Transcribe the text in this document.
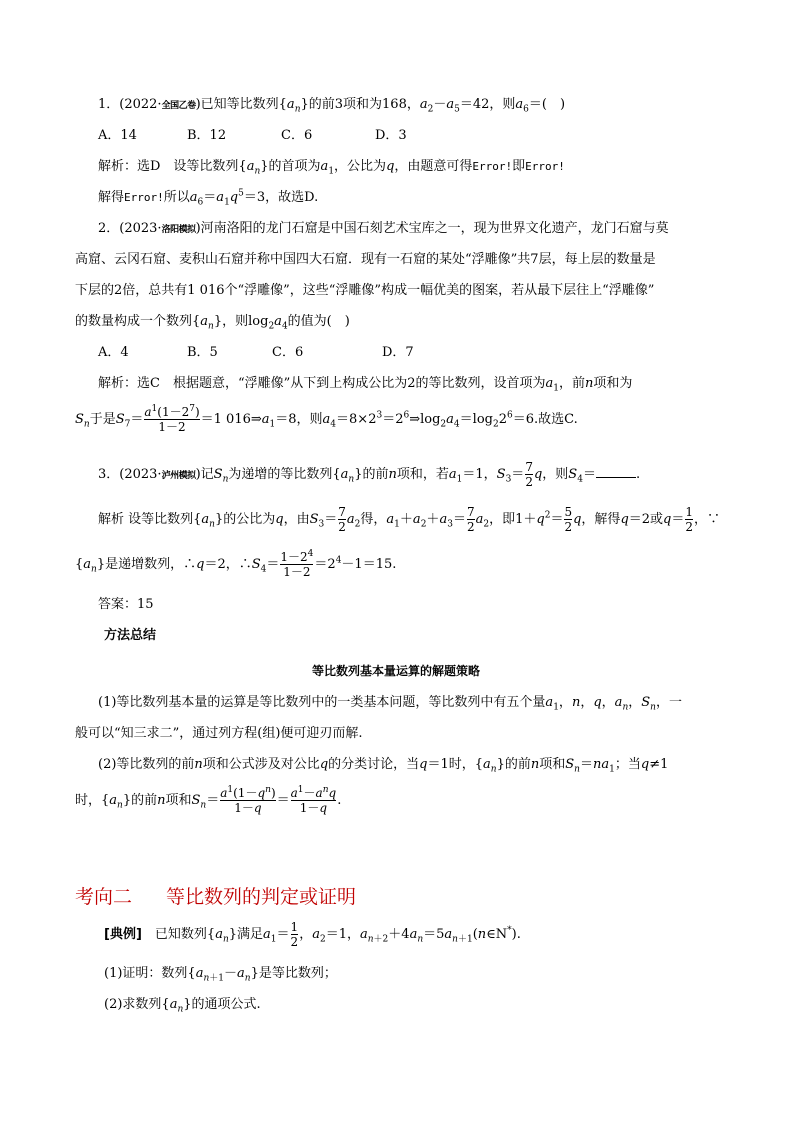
1．(2022·全国乙卷)已知等比数列$\{a_n\}$的前3项和为168，$a_2-a_5=42$，则$a_6=$(　)
A．14	B．12	C．6	D．3
解析：选D　设等比数列$\{a_n\}$的首项为$a_1$，公比为q，由题意可得Error!即Error!
解得Error!所以$a_6=a_1q^5=3$，故选D.
2．(2023·洛阳模拟)河南洛阳的龙门石窟是中国石刻艺术宝库之一，现为世界文化遗产，龙门石窟与莫
高窟、云冈石窟、麦积山石窟并称中国四大石窟．现有一石窟的某处“浮雕像”共7层，每上层的数量是
下层的2倍，总共有1 016个“浮雕像”，这些“浮雕像”构成一幅优美的图案，若从最下层往上“浮雕像”
的数量构成一个数列$\{a_n\}$，则$\log_2a_4$的值为(　)
A．4	B．5	C．6	D．7
解析：选C　根据题意，“浮雕像”从下到上构成公比为2的等比数列，设首项为$a_1$，前n项和为
$S_n$于是$S_7= \frac{a^1(1-2^7)}{1-2} =1$ $016\Rightarrow a_1=8$，则$a_4=8\times 2^3=2^6\Rightarrow\log_2a_4=\log_22^6=6$.故选C.
3．(2023·泸州模拟)记$S_n$为递增的等比数列$\{a_n\}$的前n项和，若$a_1=1$，$S_3= \frac{7}{2}$ q，则$S_4=$	.
解析 设等比数列$\{a_n\}$的公比为q，由$S_3= \frac{7}{2} a_2$得，$a_1+a_2+a_3= \frac{7}{2} a_2$，即$1+q^2= \frac{5}{2}$ q，解得q＝2或$q= \frac{1}{2}$ ，∵
$\{a_n\}$是递增数列，∴q＝2，$\therefore S_4= \frac{1-2^4}{1-2} =2^4-1=15$.
答案：15
方法总结
等比数列基本量运算的解题策略
(1)等比数列基本量的运算是等比数列中的一类基本问题，等比数列中有五个量$a_1$，n，q，$a_n$，$S_n$，一
般可以“知三求二”，通过列方程(组)便可迎刃而解.
(2)等比数列的前n项和公式涉及对公比q的分类讨论，当q＝1时，$\{a_n\}$的前n项和$S_n=na_1$；当q≠1
时，$\{a_n\}$的前n项和$S_n= \frac{a^1(1-q^n)}{1-q} = \frac{a^1-a^nq}{1-q}$ .
考向二 等比数列的判定或证明
[典例]　 已知数列$\{a_n\}$满足$a_1= \frac{1}{2}$ ，$a_2=1$，$a_{n+2}+4a_n=5a_{n+1}(n\in N^*)$.
(1)证明：数列$\{a_{n+1}-a_n\}$是等比数列；
(2)求数列$\{a_n\}$的通项公式.
